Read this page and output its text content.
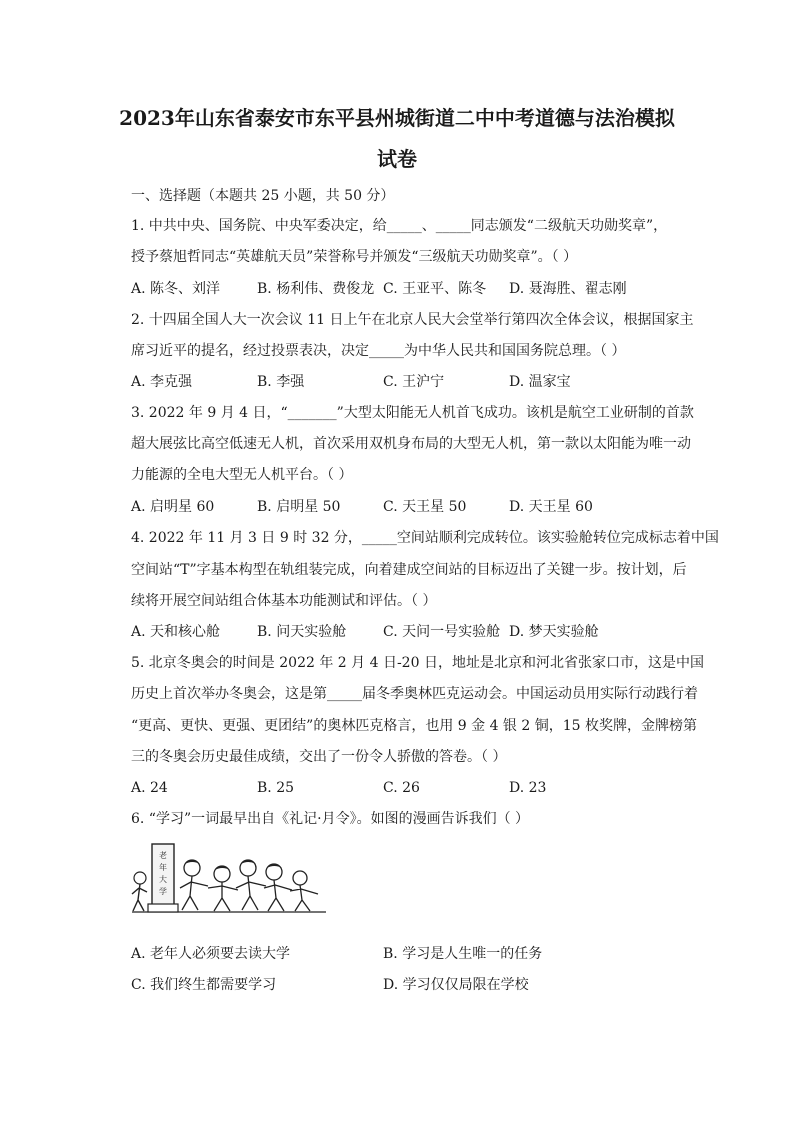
2023年山东省泰安市东平县州城街道二中中考道德与法治模拟
试卷
一、选择题（本题共 25 小题，共 50 分）
1. 中共中央、国务院、中央军委决定，给_____、_____同志颁发“二级航天功勋奖章”，
授予蔡旭哲同志“英雄航天员”荣誉称号并颁发“三级航天功勋奖章”。（ ）
A. 陈冬、刘洋	B. 杨利伟、费俊龙 C. 王亚平、陈冬 D. 聂海胜、翟志刚
2. 十四届全国人大一次会议 11 日上午在北京人民大会堂举行第四次全体会议，根据国家主
席习近平的提名，经过投票表决，决定_____为中华人民共和国国务院总理。（ ）
A. 李克强	B. 李强	C. 王沪宁	D. 温家宝
3. 2022 年 9 月 4 日，“_______”大型太阳能无人机首飞成功。该机是航空工业研制的首款
超大展弦比高空低速无人机，首次采用双机身布局的大型无人机，第一款以太阳能为唯一动
力能源的全电大型无人机平台。（ ）
A. 启明星 60	B. 启明星 50	C. 天王星 50	D. 天王星 60
4. 2022 年 11 月 3 日 9 时 32 分，_____空间站顺利完成转位。该实验舱转位完成标志着中国
空间站“T”字基本构型在轨组装完成，向着建成空间站的目标迈出了关键一步。按计划，后
续将开展空间站组合体基本功能测试和评估。（ ）
A. 天和核心舱	B. 问天实验舱	C. 天问一号实验舱 D. 梦天实验舱
5. 北京冬奥会的时间是 2022 年 2 月 4 日-20 日，地址是北京和河北省张家口市，这是中国
历史上首次举办冬奥会，这是第_____届冬季奥林匹克运动会。中国运动员用实际行动践行着
“更高、更快、更强、更团结”的奥林匹克格言，也用 9 金 4 银 2 铜，15 枚奖牌，金牌榜第
三的冬奥会历史最佳成绩，交出了一份令人骄傲的答卷。（ ）
A. 24	B. 25	C. 26	D. 23
6. “学习”一词最早出自《礼记·月令》。如图的漫画告诉我们（ ）
老
年
大
学
A. 老年人必须要去读大学	B. 学习是人生唯一的任务
C. 我们终生都需要学习	D. 学习仅仅局限在学校
